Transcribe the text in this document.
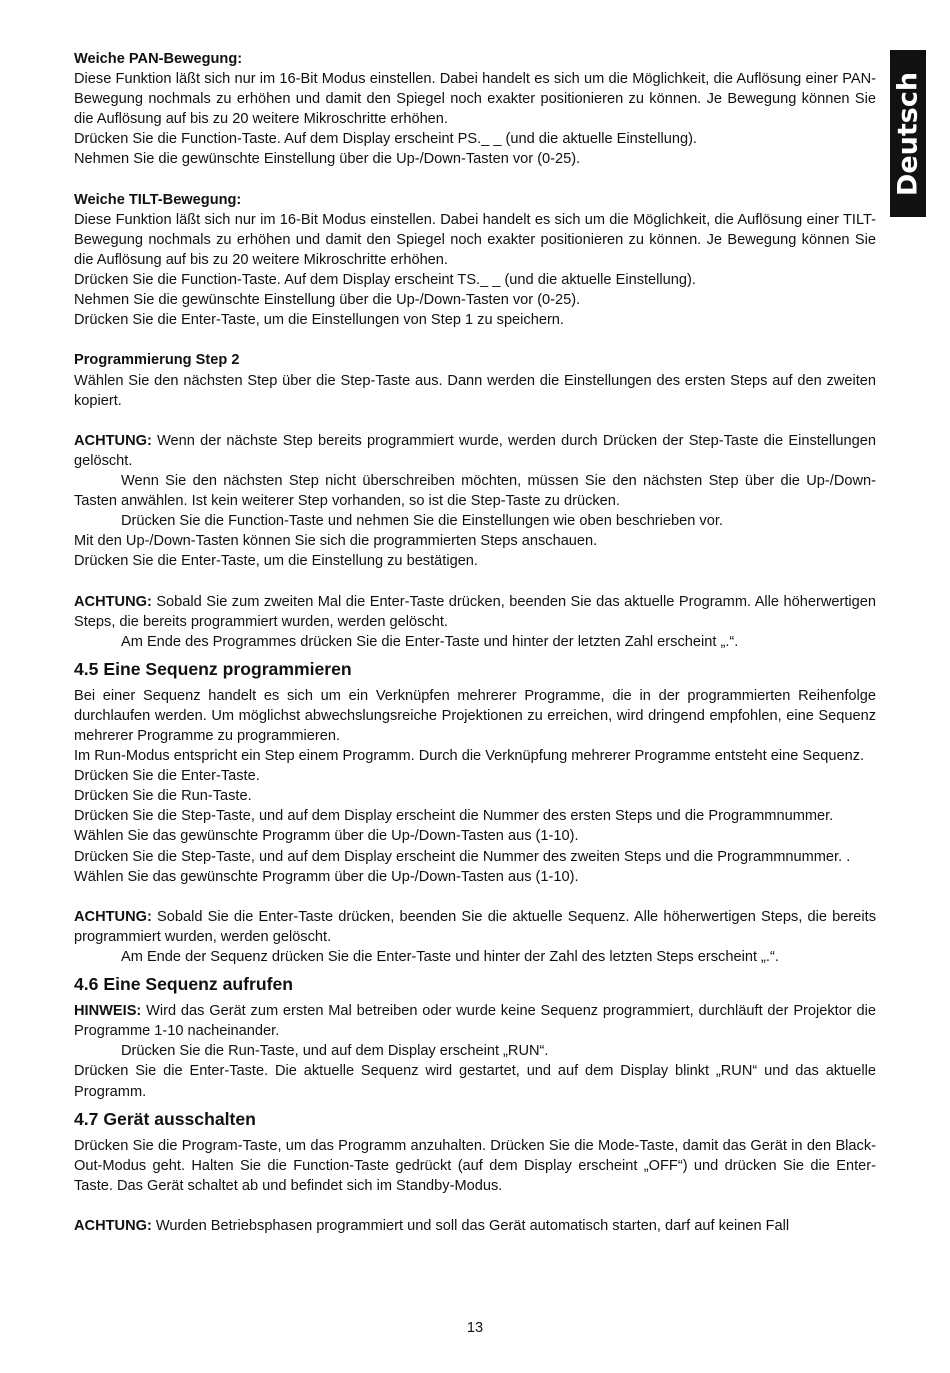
Deutsch

Weiche PAN-Bewegung:

Diese Funktion läßt sich nur im 16-Bit Modus einstellen. Dabei handelt es sich um die Möglichkeit, die Auflösung einer PAN-Bewegung nochmals zu erhöhen und damit den Spiegel noch exakter positionieren zu können. Je Bewegung können Sie die Auflösung auf bis zu 20 weitere Mikroschritte erhöhen.

Drücken Sie die Function-Taste. Auf dem Display erscheint PS._ _ (und die aktuelle Einstellung).

Nehmen Sie die gewünschte Einstellung über die Up-/Down-Tasten vor (0-25).

Weiche TILT-Bewegung:

Diese Funktion läßt sich nur im 16-Bit Modus einstellen. Dabei handelt es sich um die Möglichkeit, die Auflösung einer TILT-Bewegung nochmals zu erhöhen und damit den Spiegel noch exakter positionieren zu können. Je Bewegung können Sie die Auflösung auf bis zu 20 weitere Mikroschritte erhöhen.

Drücken Sie die Function-Taste. Auf dem Display erscheint TS._ _ (und die aktuelle Einstellung).

Nehmen Sie die gewünschte Einstellung über die Up-/Down-Tasten vor (0-25).

Drücken Sie die Enter-Taste, um die Einstellungen von Step 1 zu speichern.

Programmierung Step 2

Wählen Sie den nächsten Step über die Step-Taste aus. Dann werden die Einstellungen des ersten Steps auf den zweiten kopiert.

ACHTUNG: Wenn der nächste Step bereits programmiert wurde, werden durch Drücken der Step-Taste die Einstellungen gelöscht.

Wenn Sie den nächsten Step nicht überschreiben möchten, müssen Sie den nächsten Step über die Up-/Down-Tasten anwählen. Ist kein weiterer Step vorhanden, so ist die Step-Taste zu drücken.

Drücken Sie die Function-Taste und nehmen Sie die Einstellungen wie oben beschrieben vor.

Mit den Up-/Down-Tasten können Sie sich die programmierten Steps anschauen.

Drücken Sie die Enter-Taste, um die Einstellung zu bestätigen.

ACHTUNG: Sobald Sie zum zweiten Mal die Enter-Taste drücken, beenden Sie das aktuelle Programm. Alle höherwertigen Steps, die bereits programmiert wurden, werden gelöscht.

Am Ende des Programmes drücken Sie die Enter-Taste und hinter der letzten Zahl erscheint „.“.

4.5 Eine Sequenz programmieren

Bei einer Sequenz handelt es sich um ein Verknüpfen mehrerer Programme, die in der programmierten Reihenfolge durchlaufen werden. Um möglichst abwechslungsreiche Projektionen zu erreichen, wird dringend empfohlen, eine Sequenz mehrerer Programme zu programmieren.

Im Run-Modus entspricht ein Step einem Programm. Durch die Verknüpfung mehrerer Programme entsteht eine Sequenz.

Drücken Sie die Enter-Taste.

Drücken Sie die Run-Taste.

Drücken Sie die Step-Taste, und auf dem Display erscheint die Nummer des ersten Steps und die Programmnummer.

Wählen Sie das gewünschte Programm über die Up-/Down-Tasten aus (1-10).

Drücken Sie die Step-Taste, und auf dem Display erscheint die Nummer des zweiten Steps und die Programmnummer. .

Wählen Sie das gewünschte Programm über die Up-/Down-Tasten aus (1-10).

ACHTUNG: Sobald Sie die Enter-Taste drücken, beenden Sie die aktuelle Sequenz. Alle höherwertigen Steps, die bereits programmiert wurden, werden gelöscht.

Am Ende der Sequenz drücken Sie die Enter-Taste und hinter der Zahl des letzten Steps erscheint „.“.

4.6 Eine Sequenz aufrufen

HINWEIS: Wird das Gerät zum ersten Mal betreiben oder wurde keine Sequenz programmiert, durchläuft der Projektor die Programme 1-10 nacheinander.

Drücken Sie die Run-Taste, und auf dem Display erscheint „RUN“.

Drücken Sie die Enter-Taste. Die aktuelle Sequenz wird gestartet, und auf dem Display blinkt „RUN“ und das aktuelle Programm.

4.7 Gerät ausschalten

Drücken Sie die Program-Taste, um das Programm anzuhalten. Drücken Sie die Mode-Taste, damit das Gerät in den Black-Out-Modus geht. Halten Sie die Function-Taste gedrückt (auf dem Display erscheint „OFF“) und drücken Sie die Enter-Taste. Das Gerät schaltet ab und befindet sich im Standby-Modus.

ACHTUNG: Wurden Betriebsphasen programmiert und soll das Gerät automatisch starten, darf auf keinen Fall

13
